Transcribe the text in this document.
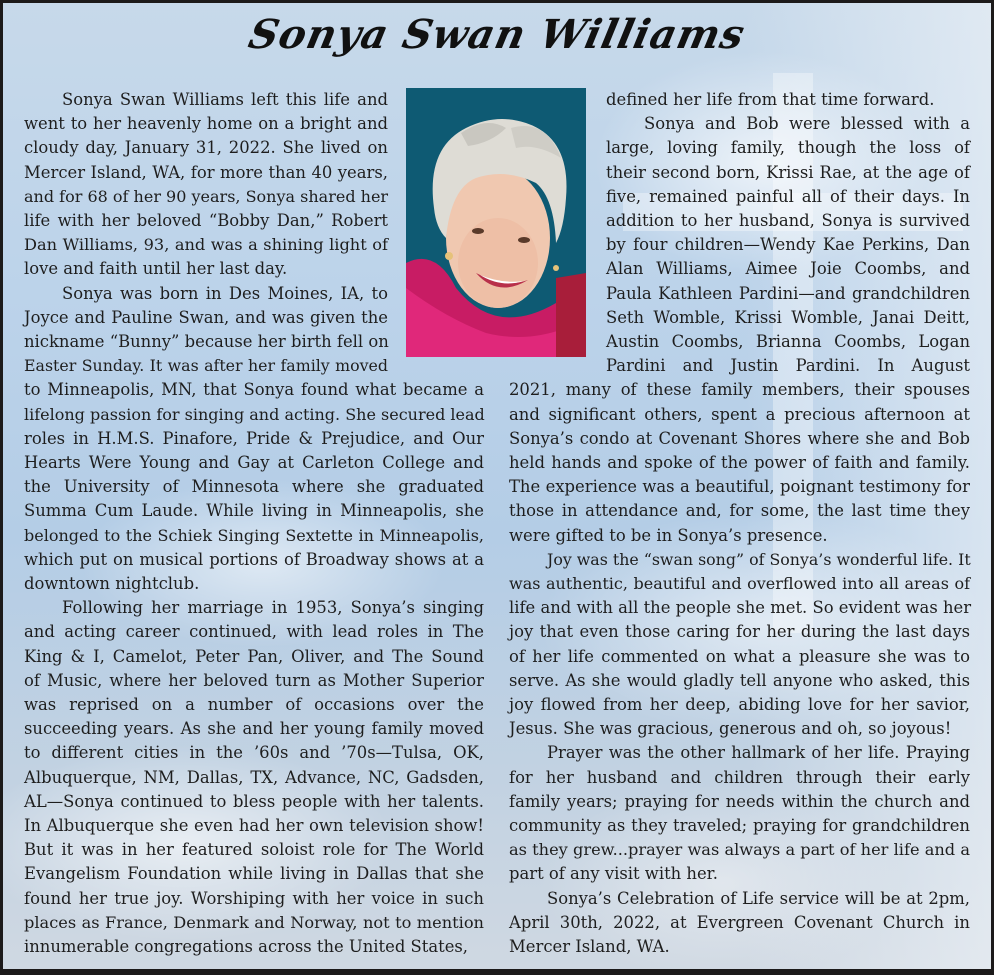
Sonya Swan Williams
Sonya Swan Williams left this life and
went to her heavenly home on a bright and
cloudy day, January 31, 2022. She lived on
Mercer Island, WA, for more than 40 years,
and for 68 of her 90 years, Sonya shared her
life with her beloved “Bobby Dan,” Robert
Dan Williams, 93, and was a shining light of
love and faith until her last day.
Sonya was born in Des Moines, IA, to
Joyce and Pauline Swan, and was given the
nickname “Bunny” because her birth fell on
Easter Sunday. It was after her family moved
to Minneapolis, MN, that Sonya found what became a
lifelong passion for singing and acting. She secured lead
roles in H.M.S. Pinafore, Pride & Prejudice, and Our
Hearts Were Young and Gay at Carleton College and
the University of Minnesota where she graduated
Summa Cum Laude. While living in Minneapolis, she
belonged to the Schiek Singing Sextette in Minneapolis,
which put on musical portions of Broadway shows at a
downtown nightclub.
Following her marriage in 1953, Sonya’s singing
and acting career continued, with lead roles in The
King & I, Camelot, Peter Pan, Oliver, and The Sound
of Music, where her beloved turn as Mother Superior
was reprised on a number of occasions over the
succeeding years. As she and her young family moved
to different cities in the ’60s and ’70s—Tulsa, OK,
Albuquerque, NM, Dallas, TX, Advance, NC, Gadsden,
AL—Sonya continued to bless people with her talents.
In Albuquerque she even had her own television show!
But it was in her featured soloist role for The World
Evangelism Foundation while living in Dallas that she
found her true joy. Worshiping with her voice in such
places as France, Denmark and Norway, not to mention
innumerable congregations across the United States,
defined her life from that time forward.
Sonya and Bob were blessed with a
large, loving family, though the loss of
their second born, Krissi Rae, at the age of
five, remained painful all of their days. In
addition to her husband, Sonya is survived
by four children—Wendy Kae Perkins, Dan
Alan Williams, Aimee Joie Coombs, and
Paula Kathleen Pardini—and grandchildren
Seth Womble, Krissi Womble, Janai Deitt,
Austin Coombs, Brianna Coombs, Logan
Pardini and Justin Pardini. In August
2021, many of these family members, their spouses
and significant others, spent a precious afternoon at
Sonya’s condo at Covenant Shores where she and Bob
held hands and spoke of the power of faith and family.
The experience was a beautiful, poignant testimony for
those in attendance and, for some, the last time they
were gifted to be in Sonya’s presence.
Joy was the “swan song” of Sonya’s wonderful life. It
was authentic, beautiful and overflowed into all areas of
life and with all the people she met. So evident was her
joy that even those caring for her during the last days
of her life commented on what a pleasure she was to
serve. As she would gladly tell anyone who asked, this
joy flowed from her deep, abiding love for her savior,
Jesus. She was gracious, generous and oh, so joyous!
Prayer was the other hallmark of her life. Praying
for her husband and children through their early
family years; praying for needs within the church and
community as they traveled; praying for grandchildren
as they grew...prayer was always a part of her life and a
part of any visit with her.
Sonya’s Celebration of Life service will be at 2pm,
April 30th, 2022, at Evergreen Covenant Church in
Mercer Island, WA.
